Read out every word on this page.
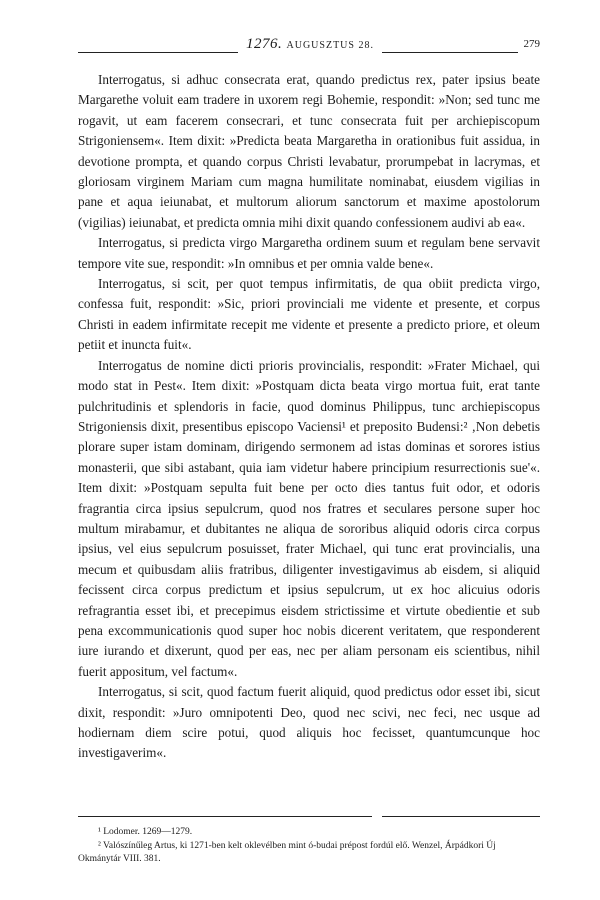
1276. AUGUSZTUS 28.	279

Interrogatus, si adhuc consecrata erat, quando predictus rex, pater ipsius beate Margarethe voluit eam tradere in uxorem regi Bohemie, respondit: »Non; sed tunc me rogavit, ut eam facerem consecrari, et tunc consecrata fuit per archiepiscopum Strigoniensem«. Item dixit: »Predicta beata Margaretha in orationibus fuit assidua, in devotione prompta, et quando corpus Christi levabatur, prorumpebat in lacrymas, et gloriosam virginem Mariam cum magna humilitate nominabat, eiusdem vigilias in pane et aqua ieiunabat, et multorum aliorum sanctorum et maxime apostolorum (vigilias) ieiunabat, et predicta omnia mihi dixit quando confessionem audivi ab ea«.

Interrogatus, si predicta virgo Margaretha ordinem suum et regulam bene servavit tempore vite sue, respondit: »In omnibus et per omnia valde bene«.

Interrogatus, si scit, per quot tempus infirmitatis, de qua obiit predicta virgo, confessa fuit, respondit: »Sic, priori provinciali me vidente et presente, et corpus Christi in eadem infirmitate recepit me vidente et presente a predicto priore, et oleum petiit et inuncta fuit«.

Interrogatus de nomine dicti prioris provincialis, respondit: »Frater Michael, qui modo stat in Pest«. Item dixit: »Postquam dicta beata virgo mortua fuit, erat tante pulchritudinis et splendoris in facie, quod dominus Philippus, tunc archiepiscopus Strigoniensis dixit, presentibus episcopo Vaciensi¹ et preposito Budensi:² ‚Non debetis plorare super istam dominam, dirigendo sermonem ad istas dominas et sorores istius monasterii, que sibi astabant, quia iam videtur habere principium resurrectionis sue'«. Item dixit: »Postquam sepulta fuit bene per octo dies tantus fuit odor, et odoris fragrantia circa ipsius sepulcrum, quod nos fratres et seculares persone super hoc multum mirabamur, et dubitantes ne aliqua de sororibus aliquid odoris circa corpus ipsius, vel eius sepulcrum posuisset, frater Michael, qui tunc erat provincialis, una mecum et quibusdam aliis fratribus, diligenter investigavimus ab eisdem, si aliquid fecissent circa corpus predictum et ipsius sepulcrum, ut ex hoc alicuius odoris refragrantia esset ibi, et precepimus eisdem strictissime et virtute obedientie et sub pena excommunicationis quod super hoc nobis dicerent veritatem, que responderent iure iurando et dixerunt, quod per eas, nec per aliam personam eis scientibus, nihil fuerit appositum, vel factum«.

Interrogatus, si scit, quod factum fuerit aliquid, quod predictus odor esset ibi, sicut dixit, respondit: »Juro omnipotenti Deo, quod nec scivi, nec feci, nec usque ad hodiernam diem scire potui, quod aliquis hoc fecisset, quantumcunque hoc investigaverim«.

¹ Lodomer. 1269—1279.

² Valószínűleg Artus, ki 1271-ben kelt oklevélben mint ó-budai prépost fordúl elő. Wenzel, Árpádkori Új Okmánytár VIII. 381.
